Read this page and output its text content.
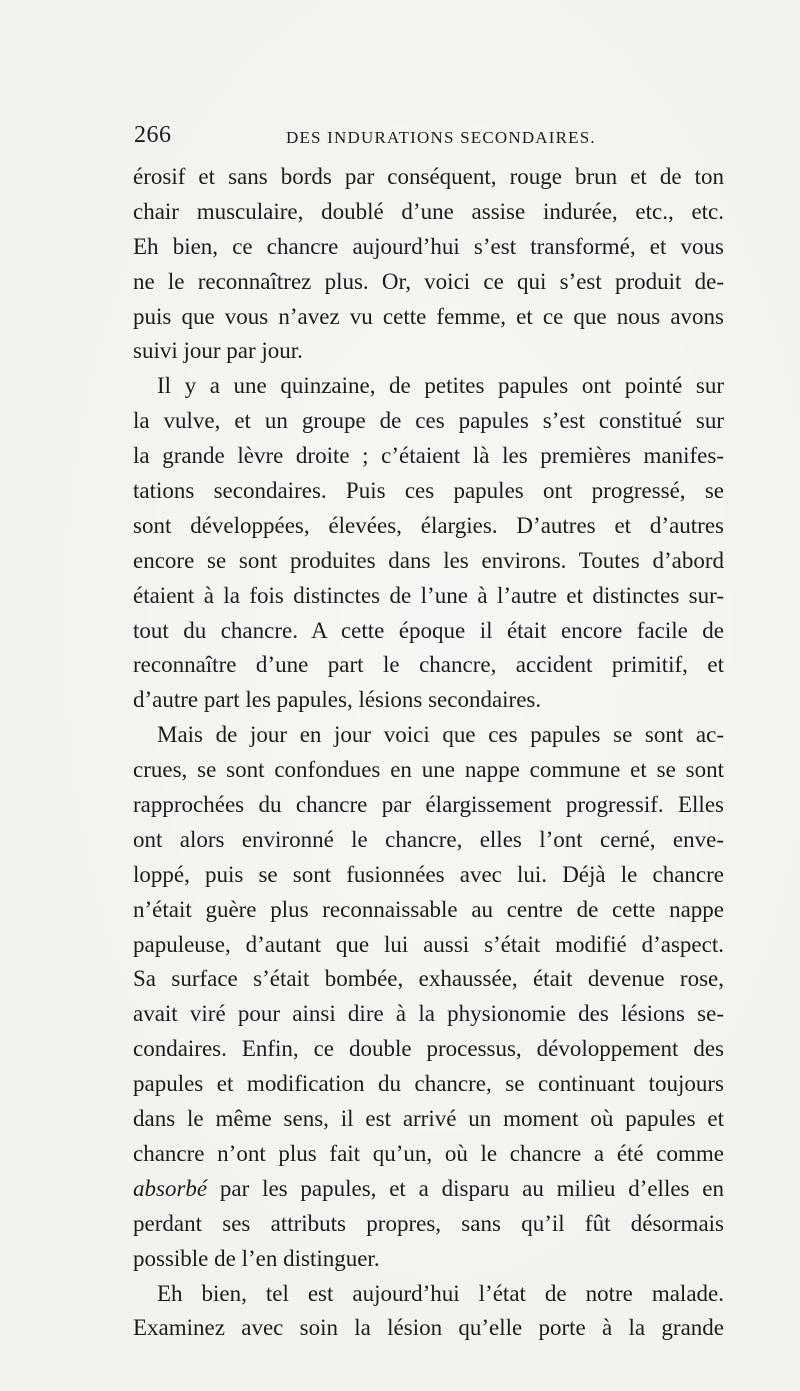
266	DES INDURATIONS SECONDAIRES.
érosif et sans bords par conséquent, rouge brun et de ton
chair musculaire, doublé d’une assise indurée, etc., etc.
Eh bien, ce chancre aujourd’hui s’est transformé, et vous
ne le reconnaîtrez plus. Or, voici ce qui s’est produit de-
puis que vous n’avez vu cette femme, et ce que nous avons
suivi jour par jour.
Il y a une quinzaine, de petites papules ont pointé sur
la vulve, et un groupe de ces papules s’est constitué sur
la grande lèvre droite ; c’étaient là les premières manifes-
tations secondaires. Puis ces papules ont progressé, se
sont développées, élevées, élargies. D’autres et d’autres
encore se sont produites dans les environs. Toutes d’abord
étaient à la fois distinctes de l’une à l’autre et distinctes sur-
tout du chancre. A cette époque il était encore facile de
reconnaître d’une part le chancre, accident primitif, et
d’autre part les papules, lésions secondaires.
Mais de jour en jour voici que ces papules se sont ac-
crues, se sont confondues en une nappe commune et se sont
rapprochées du chancre par élargissement progressif. Elles
ont alors environné le chancre, elles l’ont cerné, enve-
loppé, puis se sont fusionnées avec lui. Déjà le chancre
n’était guère plus reconnaissable au centre de cette nappe
papuleuse, d’autant que lui aussi s’était modifié d’aspect.
Sa surface s’était bombée, exhaussée, était devenue rose,
avait viré pour ainsi dire à la physionomie des lésions se-
condaires. Enfin, ce double processus, dévoloppement des
papules et modification du chancre, se continuant toujours
dans le même sens, il est arrivé un moment où papules et
chancre n’ont plus fait qu’un, où le chancre a été comme
absorbé par les papules, et a disparu au milieu d’elles en
perdant ses attributs propres, sans qu’il fût désormais
possible de l’en distinguer.
Eh bien, tel est aujourd’hui l’état de notre malade.
Examinez avec soin la lésion qu’elle porte à la grande
